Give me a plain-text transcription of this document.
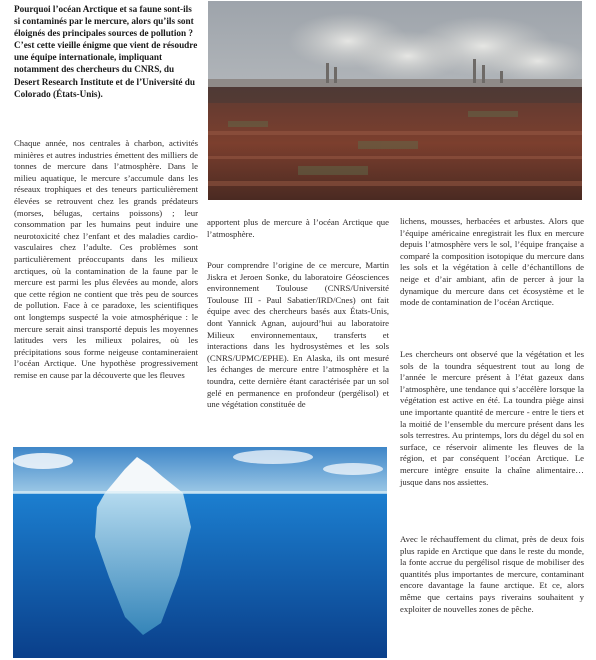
Pourquoi l’océan Arctique et sa faune sont-ils si contaminés par le mercure, alors qu’ils sont éloignés des principales sources de pollution ? C’est cette vieille énigme que vient de résoudre une équipe internationale, impliquant notamment des chercheurs du CNRS, du Desert Research Institute et de l’Université du Colorado (États-Unis).

Chaque année, nos centrales à charbon, activités minières et autres industries émettent des milliers de tonnes de mercure dans l’atmosphère. Dans le milieu aquatique, le mercure s’accumule dans les réseaux trophiques et des teneurs particulièrement élevées se retrouvent chez les grands prédateurs (morses, bélugas, certains poissons) ; leur consommation par les humains peut induire une neurotoxicité chez l’enfant et des maladies cardio-vasculaires chez l’adulte. Ces problèmes sont particulièrement préoccupants dans les milieux arctiques, où la contamination de la faune par le mercure est parmi les plus élevées au monde, alors que cette région ne contient que très peu de sources de pollution. Face à ce paradoxe, les scientifiques ont longtemps suspecté la voie atmosphérique : le mercure serait ainsi transporté depuis les moyennes latitudes vers les milieux polaires, où les précipitations sous forme neigeuse contamineraient l’océan Arctique. Une hypothèse progressivement remise en cause par la découverte que les fleuves

apportent plus de mercure à l’océan Arctique que l’atmosphère.

Pour comprendre l’origine de ce mercure, Martin Jiskra et Jeroen Sonke, du laboratoire Géosciences environnement Toulouse (CNRS/Université Toulouse III - Paul Sabatier/IRD/Cnes) ont fait équipe avec des chercheurs basés aux États-Unis, dont Yannick Agnan, aujourd’hui au laboratoire Milieux environnementaux, transferts et interactions dans les hydrosystèmes et les sols (CNRS/UPMC/EPHE). En Alaska, ils ont mesuré les échanges de mercure entre l’atmosphère et la toundra, cette dernière étant caractérisée par un sol gelé en permanence en profondeur (pergélisol) et une végétation constituée de

lichens, mousses, herbacées et arbustes. Alors que l’équipe américaine enregistrait les flux en mercure depuis l’atmosphère vers le sol, l’équipe française a comparé la composition isotopique du mercure dans les sols et la végétation à celle d’échantillons de neige et d’air ambiant, afin de percer à jour la dynamique du mercure dans cet écosystème et le mode de contamination de l’océan Arctique.

Les chercheurs ont observé que la végétation et les sols de la toundra séquestrent tout au long de l’année le mercure présent à l’état gazeux dans l’atmosphère, une tendance qui s’accélère lorsque la végétation est active en été. La toundra piège ainsi une importante quantité de mercure - entre le tiers et la moitié de l’ensemble du mercure présent dans les sols terrestres. Au printemps, lors du dégel du sol en surface, ce réservoir alimente les fleuves de la région, et par conséquent l’océan Arctique. Le mercure intègre ensuite la chaîne alimentaire… jusque dans nos assiettes.

Avec le réchauffement du climat, près de deux fois plus rapide en Arctique que dans le reste du monde, la fonte accrue du pergélisol risque de mobiliser des quantités plus importantes de mercure, contaminant encore davantage la faune arctique. Et ce, alors même que certains pays riverains souhaitent y exploiter de nouvelles zones de pêche.
